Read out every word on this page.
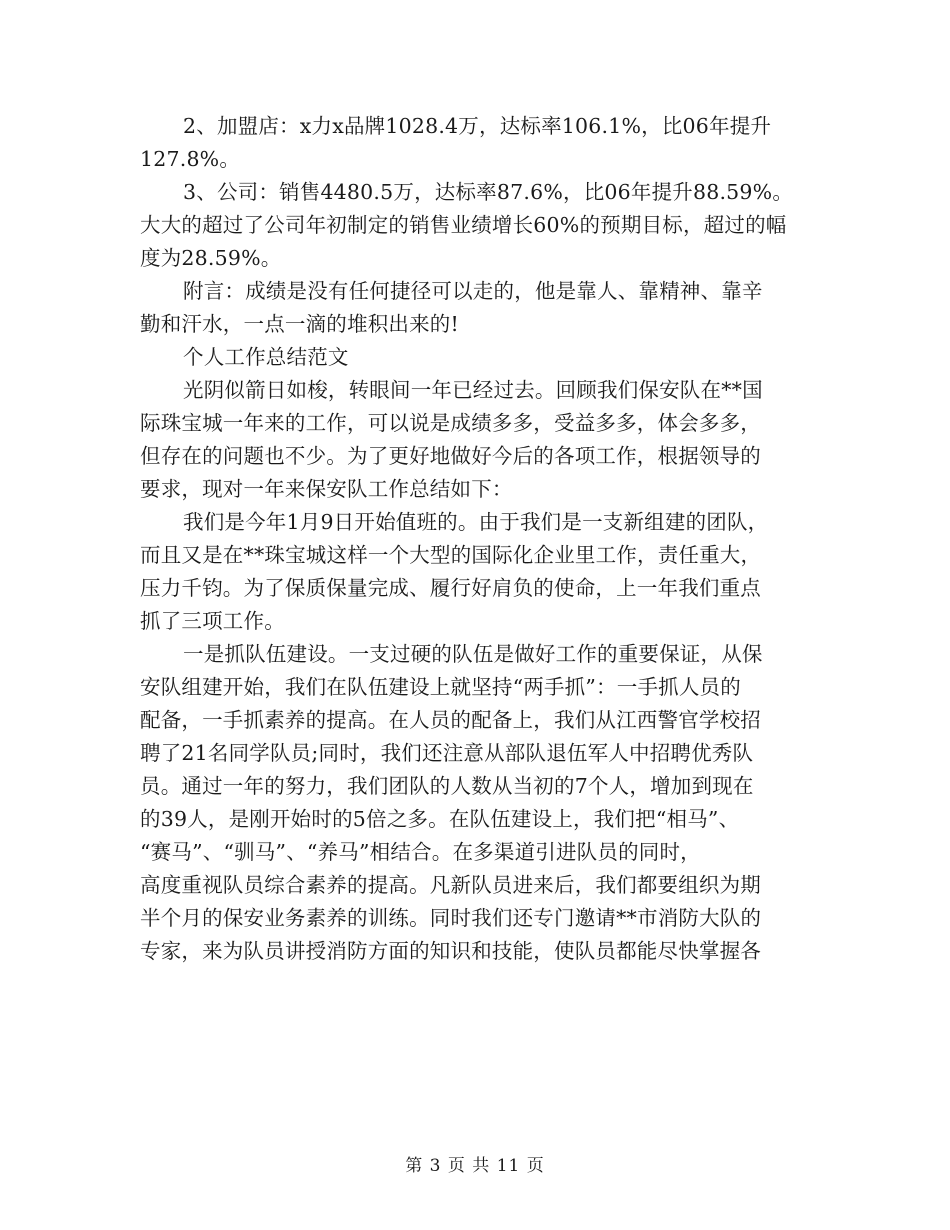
2、加盟店：x力x品牌1028.4万，达标率106.1%，比06年提升
127.8%。
3、公司：销售4480.5万，达标率87.6%，比06年提升88.59%。
大大的超过了公司年初制定的销售业绩增长60%的预期目标，超过的幅
度为28.59%。
附言：成绩是没有任何捷径可以走的，他是靠人、靠精神、靠辛
勤和汗水，一点一滴的堆积出来的!
个人工作总结范文
光阴似箭日如梭，转眼间一年已经过去。回顾我们保安队在**国
际珠宝城一年来的工作，可以说是成绩多多，受益多多，体会多多，
但存在的问题也不少。为了更好地做好今后的各项工作，根据领导的
要求，现对一年来保安队工作总结如下：
我们是今年1月9日开始值班的。由于我们是一支新组建的团队，
而且又是在**珠宝城这样一个大型的国际化企业里工作，责任重大，
压力千钧。为了保质保量完成、履行好肩负的使命，上一年我们重点
抓了三项工作。
一是抓队伍建设。一支过硬的队伍是做好工作的重要保证，从保
安队组建开始，我们在队伍建设上就坚持“两手抓”：一手抓人员的
配备，一手抓素养的提高。在人员的配备上，我们从江西警官学校招
聘了21名同学队员;同时，我们还注意从部队退伍军人中招聘优秀队
员。通过一年的努力，我们团队的人数从当初的7个人，增加到现在
的39人，是刚开始时的5倍之多。在队伍建设上，我们把“相马”、
“赛马”、“驯马”、“养马”相结合。在多渠道引进队员的同时，
高度重视队员综合素养的提高。凡新队员进来后，我们都要组织为期
半个月的保安业务素养的训练。同时我们还专门邀请**市消防大队的
专家，来为队员讲授消防方面的知识和技能，使队员都能尽快掌握各
第 3 页 共 11 页
